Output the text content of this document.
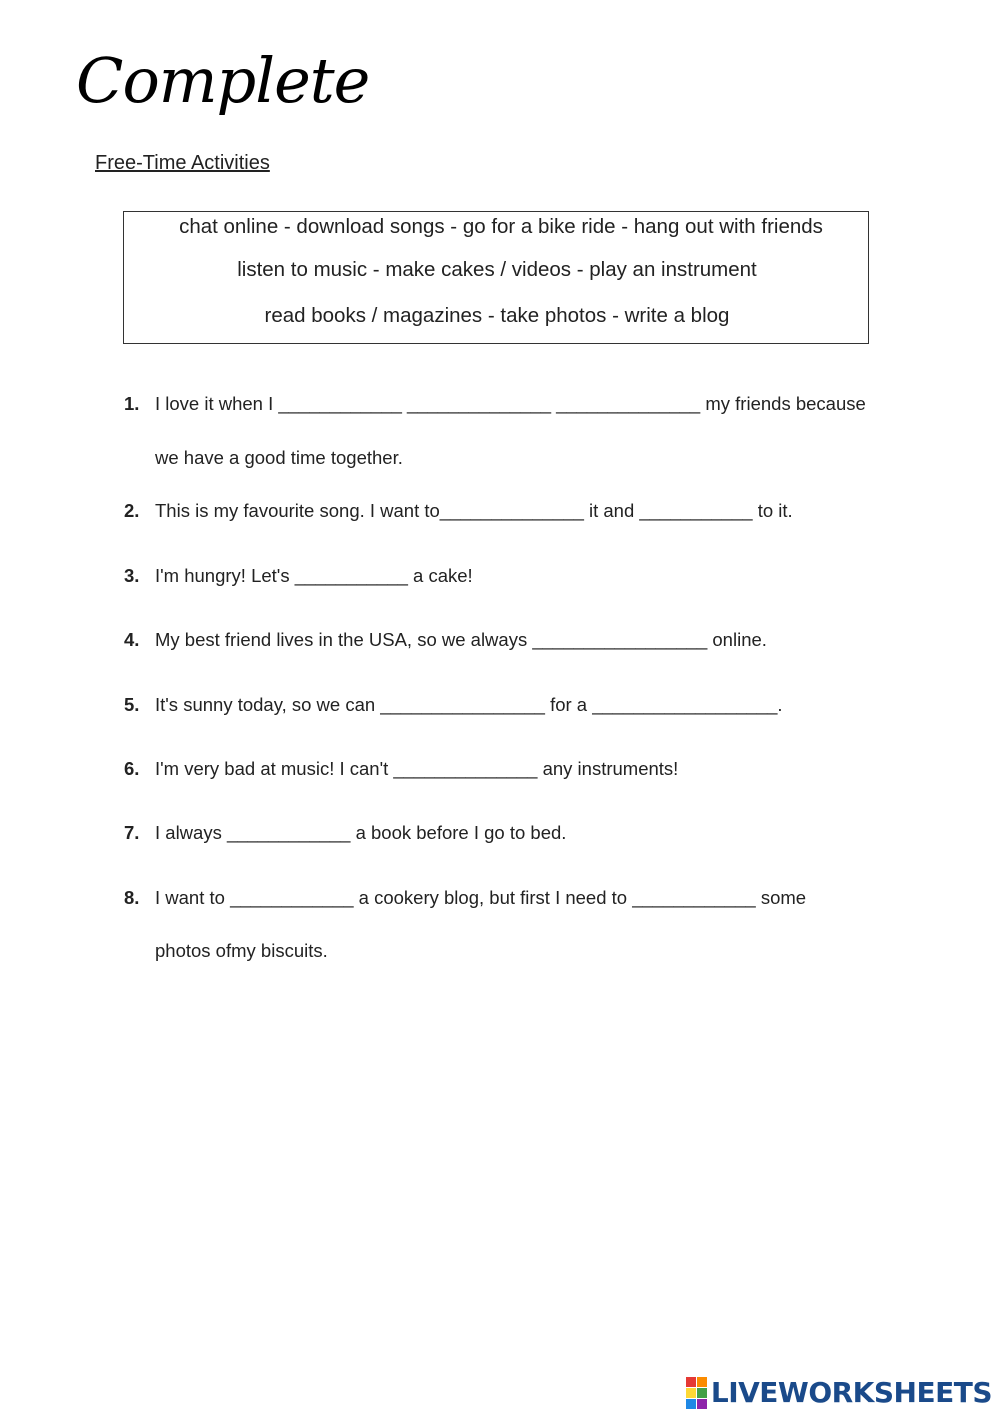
Complete
Free-Time Activities
chat online - download songs - go for a bike ride - hang out with friends
listen to music - make cakes / videos - play an instrument
read books / magazines - take photos - write a blog
1. I love it when I ____________ ______________ ______________ my friends because
we have a good time together.
2. This is my favourite song. I want to______________ it and ___________ to it.
3. I'm hungry! Let's ___________ a cake!
4. My best friend lives in the USA, so we always _________________ online.
5. It's sunny today, so we can ________________ for a __________________.
6. I'm very bad at music! I can't ______________ any instruments!
7. I always ____________ a book before I go to bed.
8. I want to ____________ a cookery blog, but first I need to ____________ some
photos ofmy biscuits.
LIVEWORKSHEETS
